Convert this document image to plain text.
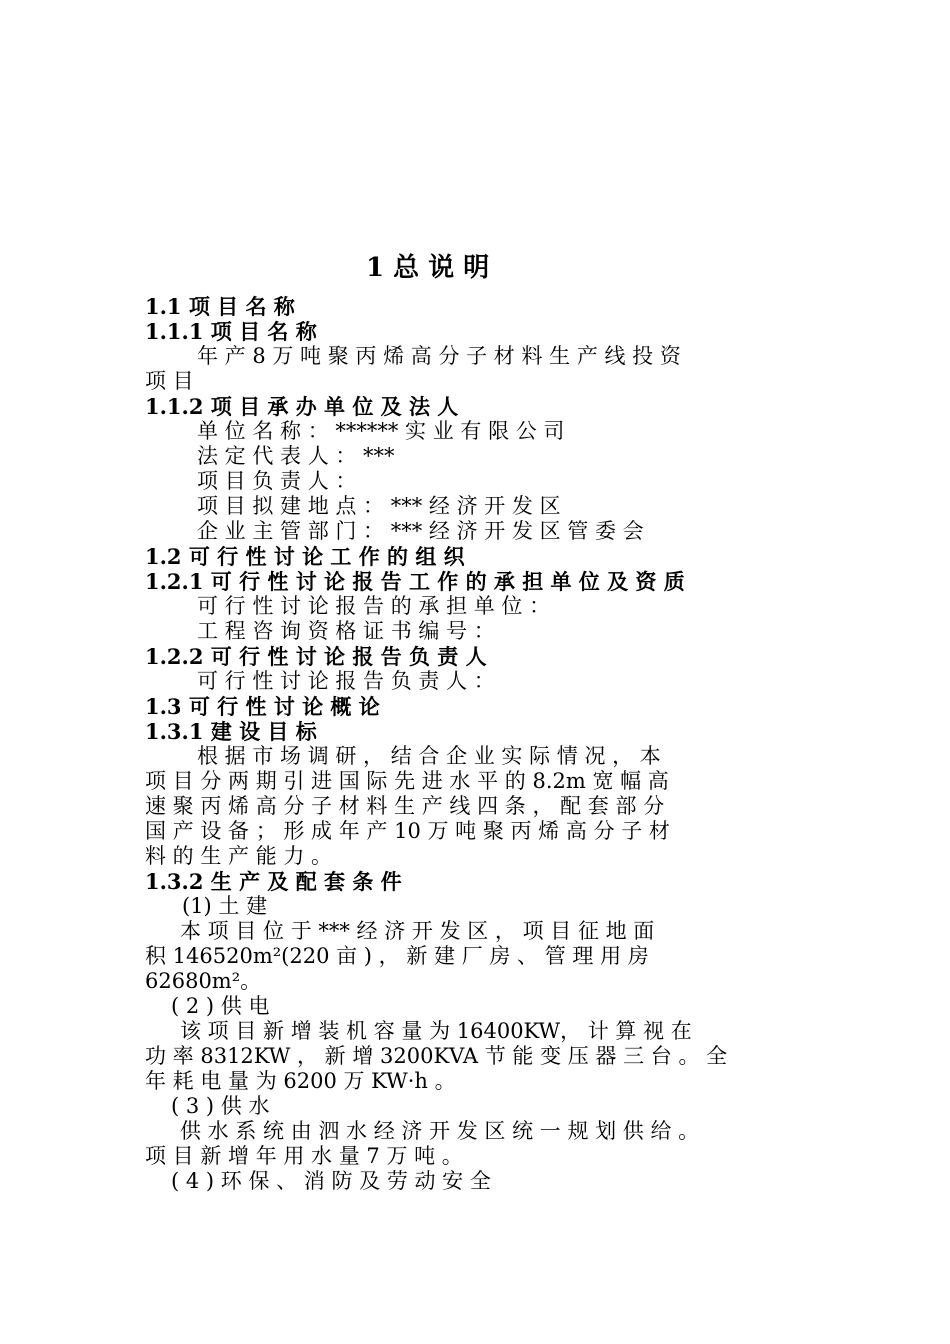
1 总 说 明
1.1 项 目 名 称
1.1.1 项 目 名 称
年 产 8 万 吨 聚 丙 烯 高 分 子 材 料 生 产 线 投 资
项 目
1.1.2 项 目 承 办 单 位 及 法 人
单 位 名 称 ： ****** 实 业 有 限 公 司
法 定 代 表 人 ： ***
项 目 负 责 人 ：
项 目 拟 建 地 点 ： *** 经 济 开 发 区
企 业 主 管 部 门 ： *** 经 济 开 发 区 管 委 会
1.2 可 行 性 讨 论 工 作 的 组 织
1.2.1 可 行 性 讨 论 报 告 工 作 的 承 担 单 位 及 资 质
可 行 性 讨 论 报 告 的 承 担 单 位 ：
工 程 咨 询 资 格 证 书 编 号 ：
1.2.2 可 行 性 讨 论 报 告 负 责 人
可 行 性 讨 论 报 告 负 责 人 ：
1.3 可 行 性 讨 论 概 论
1.3.1 建 设 目 标
根 据 市 场 调 研 ， 结 合 企 业 实 际 情 况 ， 本
项 目 分 两 期 引 进 国 际 先 进 水 平 的 8.2m 宽 幅 高
速 聚 丙 烯 高 分 子 材 料 生 产 线 四 条 ， 配 套 部 分
国 产 设 备 ； 形 成 年 产 10 万 吨 聚 丙 烯 高 分 子 材
料 的 生 产 能 力 。
1.3.2 生 产 及 配 套 条 件
(1) 土 建
本 项 目 位 于 *** 经 济 开 发 区 ， 项 目 征 地 面
积 146520m²(220 亩 ) ， 新 建 厂 房 、 管 理 用 房
62680m²。
( 2 ) 供 电
该 项 目 新 增 装 机 容 量 为 16400KW， 计 算 视 在
功 率 8312KW ， 新 增 3200KVA 节 能 变 压 器 三 台 。 全
年 耗 电 量 为 6200 万 KW·h 。
( 3 ) 供 水
供 水 系 统 由 泗 水 经 济 开 发 区 统 一 规 划 供 给 。
项 目 新 增 年 用 水 量 7 万 吨 。
( 4 ) 环 保 、 消 防 及 劳 动 安 全
